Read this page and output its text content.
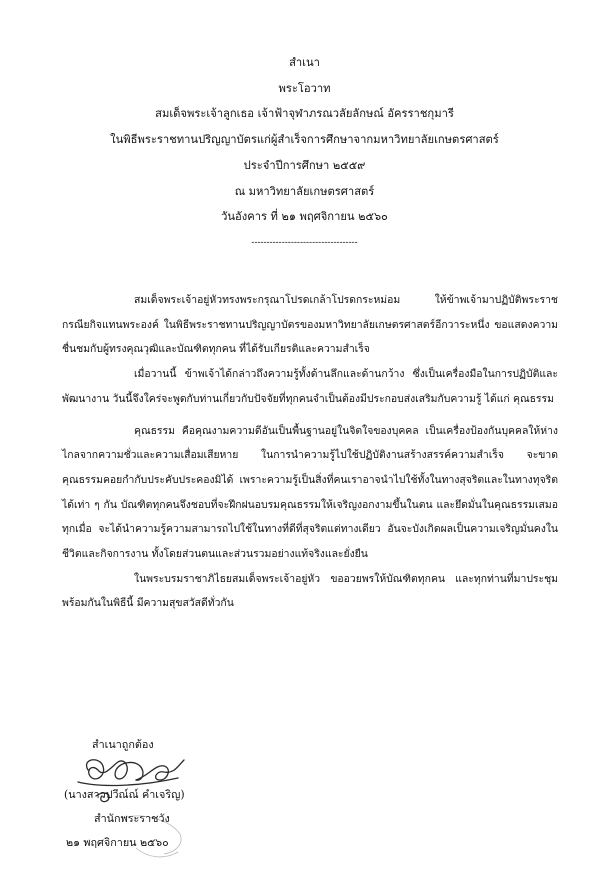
สำเนา
พระโอวาท
สมเด็จพระเจ้าลูกเธอ เจ้าฟ้าจุฬาภรณวลัยลักษณ์ อัครราชกุมารี
ในพิธีพระราชทานปริญญาบัตรแก่ผู้สำเร็จการศึกษาจากมหาวิทยาลัยเกษตรศาสตร์
ประจำปีการศึกษา ๒๕๕๙
ณ มหาวิทยาลัยเกษตรศาสตร์
วันอังคาร ที่ ๒๑ พฤศจิกายน ๒๕๖๐
-----------------------------------

สมเด็จพระเจ้าอยู่หัวทรงพระกรุณาโปรดเกล้าโปรดกระหม่อม ให้ข้าพเจ้ามาปฏิบัติพระราชกรณียกิจแทนพระองค์ ในพิธีพระราชทานปริญญาบัตรของมหาวิทยาลัยเกษตรศาสตร์อีกวาระหนึ่ง ขอแสดงความชื่นชมกับผู้ทรงคุณวุฒิและบัณฑิตทุกคน ที่ได้รับเกียรติและความสำเร็จ

เมื่อวานนี้ ข้าพเจ้าได้กล่าวถึงความรู้ทั้งด้านลึกและด้านกว้าง ซึ่งเป็นเครื่องมือในการปฏิบัติและพัฒนางาน วันนี้จึงใคร่จะพูดกับท่านเกี่ยวกับปัจจัยที่ทุกคนจำเป็นต้องมีประกอบส่งเสริมกับความรู้ ได้แก่ คุณธรรม

คุณธรรม คือคุณงามความดีอันเป็นพื้นฐานอยู่ในจิตใจของบุคคล เป็นเครื่องป้องกันบุคคลให้ห่างไกลจากความชั่วและความเสื่อมเสียหาย ในการนำความรู้ไปใช้ปฏิบัติงานสร้างสรรค์ความสำเร็จ จะขาดคุณธรรมคอยกำกับประคับประคองมิได้ เพราะความรู้เป็นสิ่งที่คนเราอาจนำไปใช้ทั้งในทางสุจริตและในทางทุจริตได้เท่า ๆ กัน บัณฑิตทุกคนจึงชอบที่จะฝึกฝนอบรมคุณธรรมให้เจริญงอกงามขึ้นในตน และยึดมั่นในคุณธรรมเสมอทุกเมื่อ จะได้นำความรู้ความสามารถไปใช้ในทางที่ดีที่สุจริตแต่ทางเดียว อันจะบังเกิดผลเป็นความเจริญมั่นคงในชีวิตและกิจการงาน ทั้งโดยส่วนตนและส่วนรวมอย่างแท้จริงและยั่งยืน

ในพระบรมราชาภิไธยสมเด็จพระเจ้าอยู่หัว ขออวยพรให้บัณฑิตทุกคน และทุกท่านที่มาประชุมพร้อมกันในพิธีนี้ มีความสุขสวัสดีทั่วกัน

สำเนาถูกต้อง
(นางสาวปวีณ์ณ์ คำเจริญ)
สำนักพระราชวัง
๒๑ พฤศจิกายน ๒๕๖๐
